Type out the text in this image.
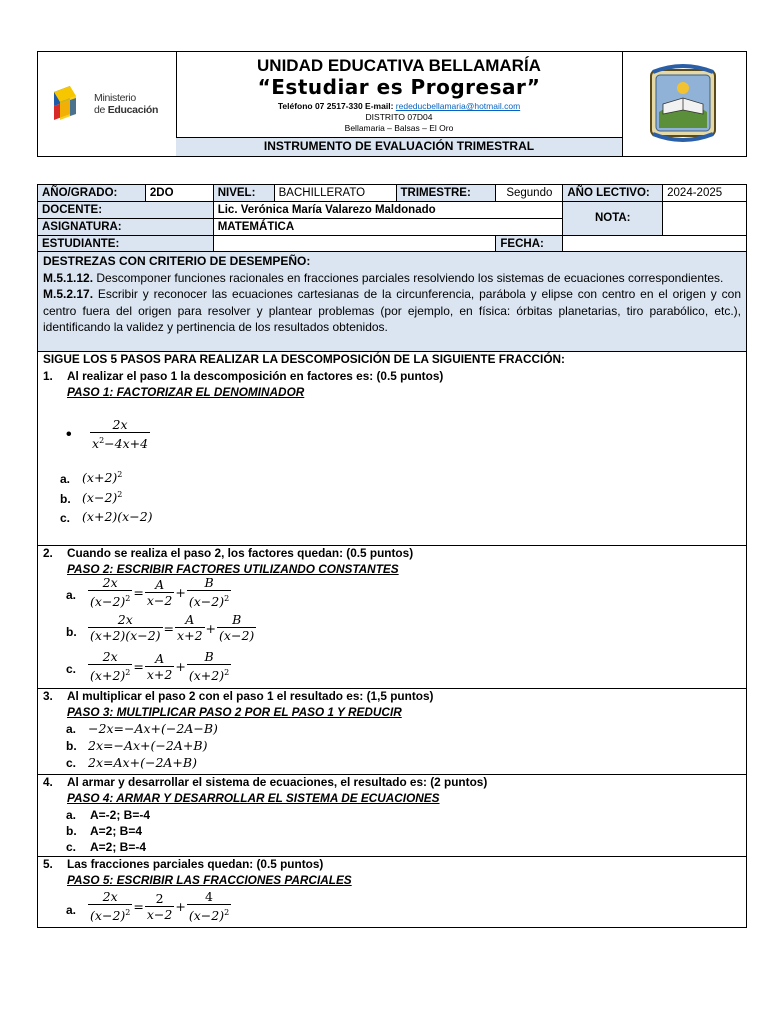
Ministerio
de Educación
UNIDAD EDUCATIVA BELLAMARÍA
“Estudiar es Progresar”
Teléfono 07 2517-330 E-mail: rededucbellamaria@hotmail.com
DISTRITO 07D04
Bellamaria – Balsas – El Oro
INSTRUMENTO DE EVALUACIÓN TRIMESTRAL
AÑO/GRADO:	2DO	NIVEL:	BACHILLERATO	TRIMESTRE:	Segundo	AÑO LECTIVO:	2024-2025
DOCENTE:		Lic. Verónica María Valarezo Maldonado				NOTA:	
ASIGNATURA:		MATEMÁTICA					
ESTUDIANTE:					FECHA:		
DESTREZAS CON CRITERIO DE DESEMPEÑO:
M.5.1.12. Descomponer funciones racionales en fracciones parciales resolviendo los sistemas de ecuaciones correspondientes.
M.5.2.17. Escribir y reconocer las ecuaciones cartesianas de la circunferencia, parábola y elipse con centro en el origen y con centro fuera del origen para resolver y plantear problemas (por ejemplo, en física: órbitas planetarias, tiro parabólico, etc.), identificando la validez y pertinencia de los resultados obtenidos.
SIGUE LOS 5 PASOS PARA REALIZAR LA DESCOMPOSICIÓN DE LA SIGUIENTE FRACCIÓN:
1. Al realizar el paso 1 la descomposición en factores es: (0.5 puntos)
PASO 1: FACTORIZAR EL DENOMINADOR
• $\frac{2x}{x^2-4x+4}$
a. $(x+2)^2$
b. $(x-2)^2$
c. (x+2)(x−2)
2. Cuando se realiza el paso 2, los factores quedan: (0.5 puntos)
PASO 2: ESCRIBIR FACTORES UTILIZANDO CONSTANTES
a. $\frac{2x}{(x-2)^2} = \frac{A}{x-2} + \frac{B}{(x-2)^2}$
b. $\frac{2x}{(x+2)(x-2)} = \frac{A}{x+2} + \frac{B}{(x-2)}$
c. $\frac{2x}{(x+2)^2} = \frac{A}{x+2} + \frac{B}{(x+2)^2}$
3. Al multiplicar el paso 2 con el paso 1 el resultado es: (1,5 puntos)
PASO 3: MULTIPLICAR PASO 2 POR EL PASO 1 Y REDUCIR
a. −2x=−Ax+(−2A−B)
b. 2x=−Ax+(−2A+B)
c. 2x=Ax+(−2A+B)
4. Al armar y desarrollar el sistema de ecuaciones, el resultado es: (2 puntos)
PASO 4: ARMAR Y DESARROLLAR EL SISTEMA DE ECUACIONES
a. A=-2; B=-4
b. A=2; B=4
c. A=2; B=-4
5. Las fracciones parciales quedan: (0.5 puntos)
PASO 5: ESCRIBIR LAS FRACCIONES PARCIALES
a. $\frac{2x}{(x-2)^2} = \frac{2}{x-2} + \frac{4}{(x-2)^2}$
